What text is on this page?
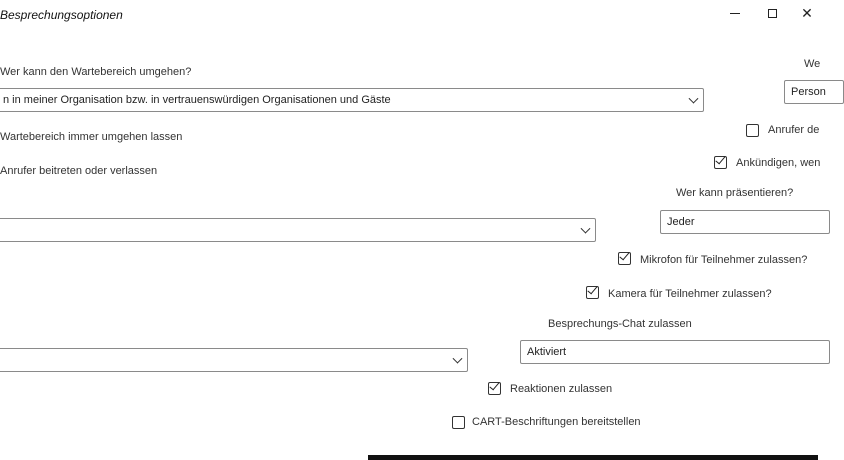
Besprechungsoptionen	✕
Wer kann den Wartebereich umgehen?
n in meiner Organisation bzw. in vertrauenswürdigen Organisationen und Gäste
Wartebereich immer umgehen lassen
Anrufer beitreten oder verlassen
We
Person
Anrufer de
Ankündigen, wen
Wer kann präsentieren?
Jeder
Mikrofon für Teilnehmer zulassen?
Kamera für Teilnehmer zulassen?
Besprechungs-Chat zulassen
Aktiviert
Reaktionen zulassen
CART-Beschriftungen bereitstellen
